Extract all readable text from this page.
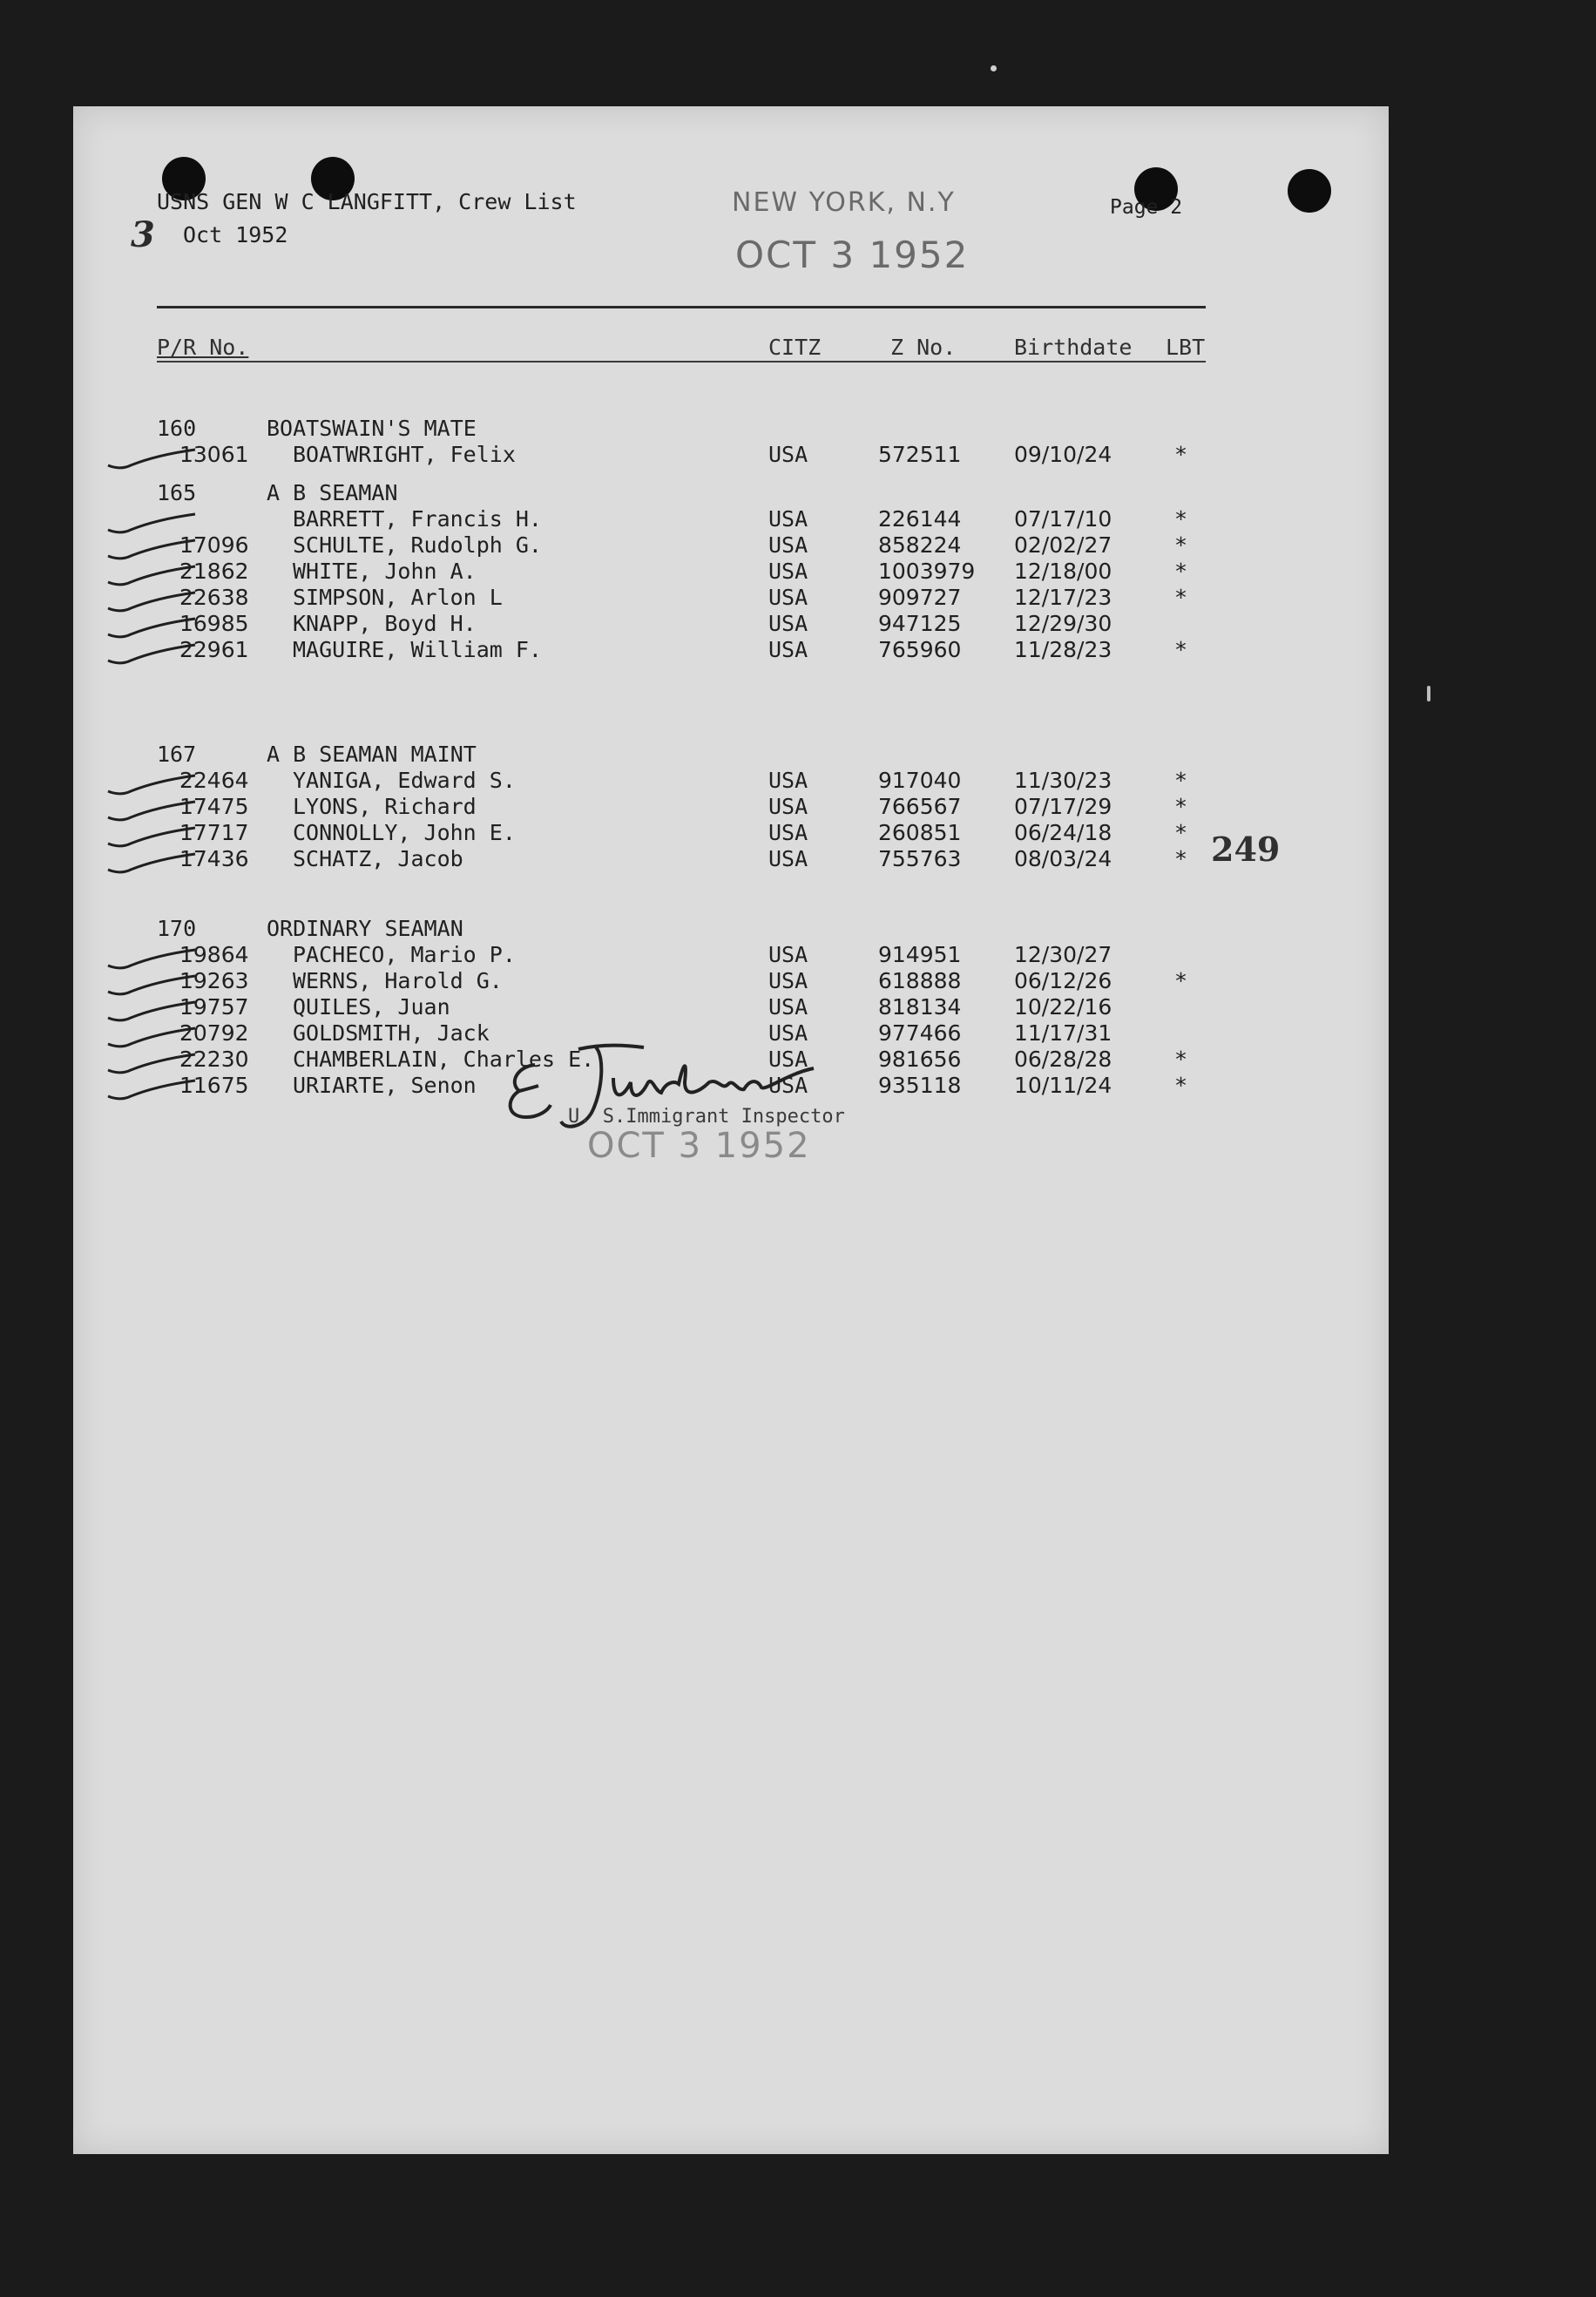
USNS GEN W C LANGFITT, Crew List
3 Oct 1952
NEW YORK, N.Y
OCT 3 1952
Page 2
P/R No.	CITZ	Z No.	Birthdate LBT
160	BOATSWAIN'S MATE
13061 BOATWRIGHT, Felix	USA	572511 09/10/24	*
165	A B SEAMAN
BARRETT, Francis H.	USA	226144 07/17/10	*
17096 SCHULTE, Rudolph G.	USA	858224 02/02/27	*
21862 WHITE, John A.	USA	1003979 12/18/00	*
22638 SIMPSON, Arlon L	USA	909727 12/17/23	*
16985 KNAPP, Boyd H.	USA	947125 12/29/30
22961 MAGUIRE, William F.	USA	765960 11/28/23	*
167	A B SEAMAN MAINT
22464 YANIGA, Edward S.	USA	917040 11/30/23	*
17475 LYONS, Richard	USA	766567 07/17/29	*
17717 CONNOLLY, John E.	USA	260851 06/24/18	*
17436 SCHATZ, Jacob	USA	755763 08/03/24	*
170	ORDINARY SEAMAN
19864 PACHECO, Mario P.	USA	914951 12/30/27
19263 WERNS, Harold G.	USA	618888 06/12/26	*
19757 QUILES, Juan	USA	818134 10/22/16
20792 GOLDSMITH, Jack	USA	977466 11/17/31
22230 CHAMBERLAIN, Charles E.	USA	981656 06/28/28	*
11675 URIARTE, Senon	USA	935118 10/11/24	*
249
U. S.Immigrant Inspector
OCT 3 1952
